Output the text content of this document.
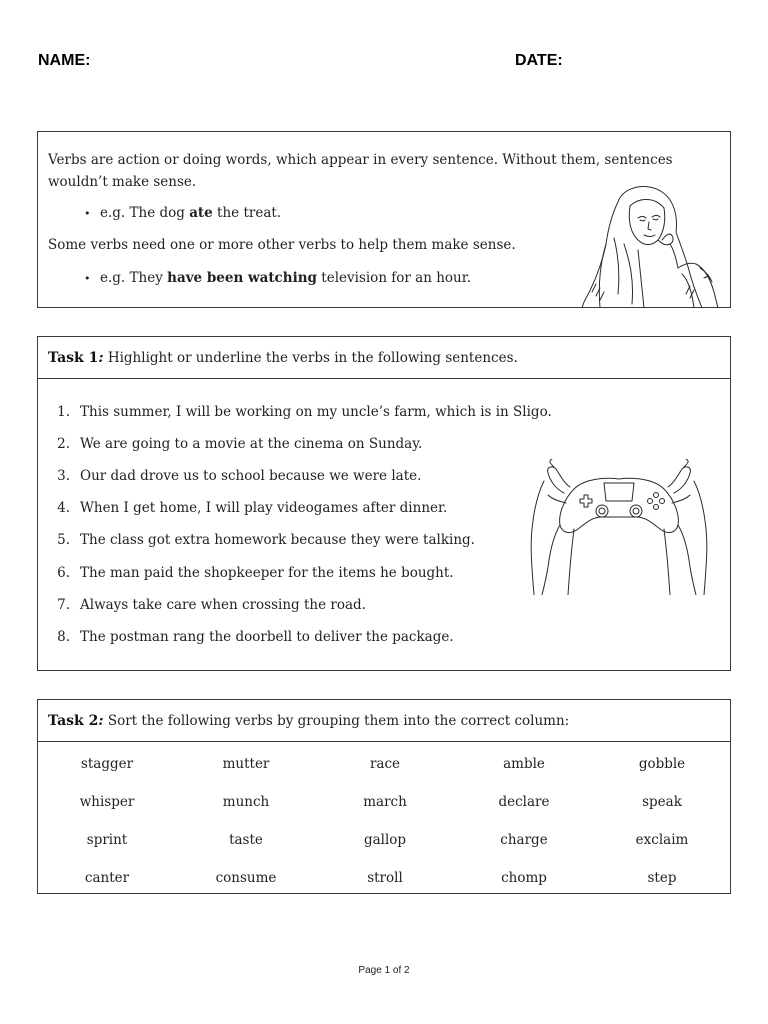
NAME:	DATE:
Verbs are action or doing words, which appear in every sentence. Without them, sentences wouldn’t make sense.
• e.g. The dog ate the treat.
Some verbs need one or more other verbs to help them make sense.
• e.g. They have been watching television for an hour.
Task 1: Highlight or underline the verbs in the following sentences.
1. This summer, I will be working on my uncle’s farm, which is in Sligo.
2. We are going to a movie at the cinema on Sunday.
3. Our dad drove us to school because we were late.
4. When I get home, I will play videogames after dinner.
5. The class got extra homework because they were talking.
6. The man paid the shopkeeper for the items he bought.
7. Always take care when crossing the road.
8. The postman rang the doorbell to deliver the package.
Task 2: Sort the following verbs by grouping them into the correct column:
stagger	mutter	race	amble	gobble
whisper	munch	march	declare	speak
sprint	taste	gallop	charge	exclaim
canter	consume	stroll	chomp	step
Page 1 of 2
